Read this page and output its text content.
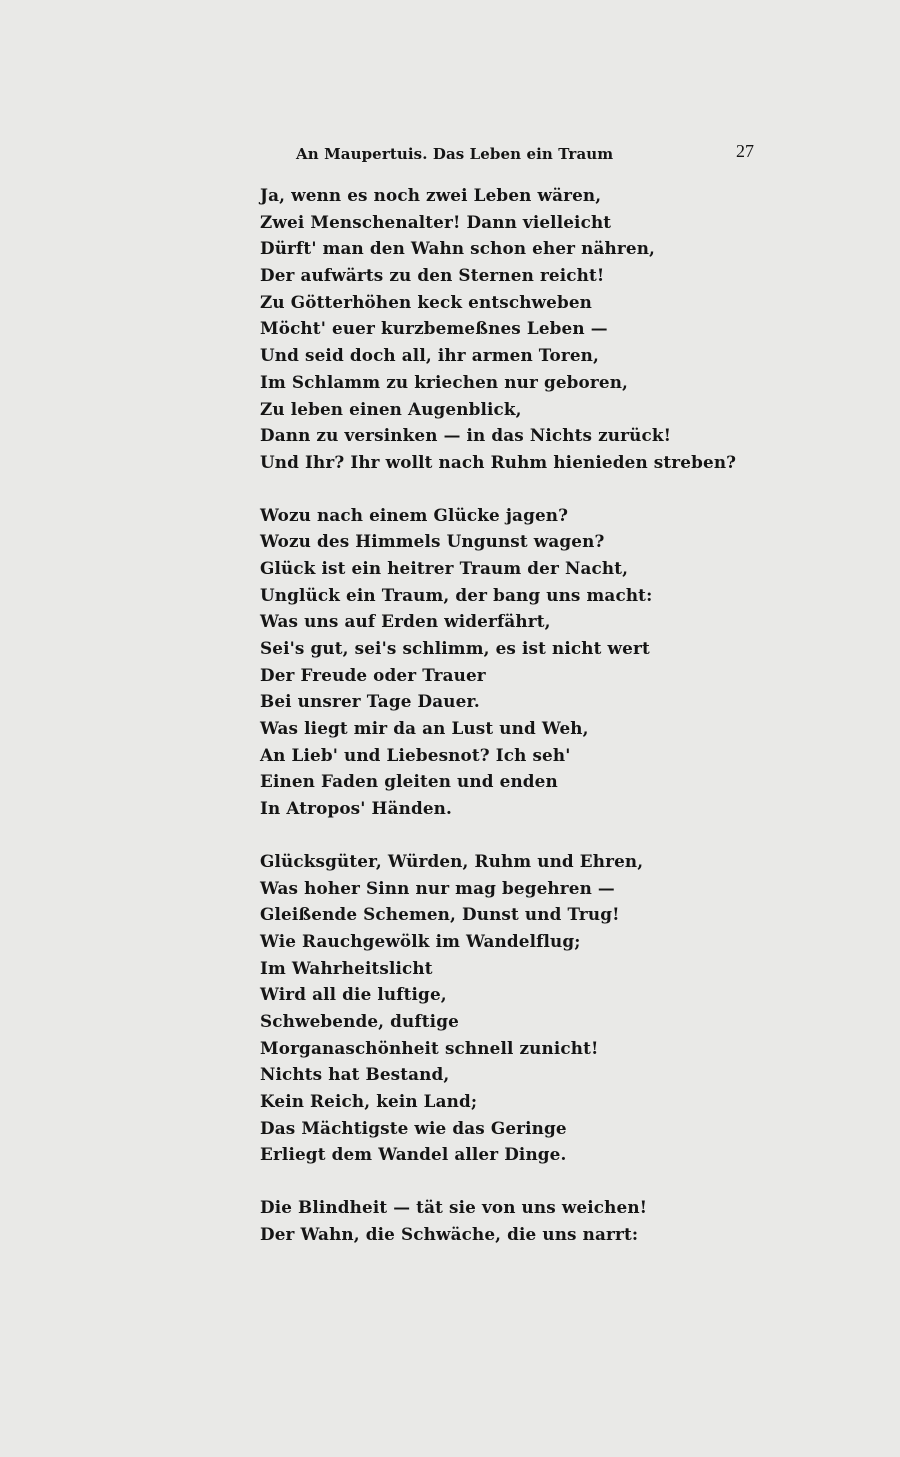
An Maupertuis. Das Leben ein Traum	27
Ja, wenn es noch zwei Leben wären,
Zwei Menschenalter! Dann vielleicht
Dürft' man den Wahn schon eher nähren,
Der aufwärts zu den Sternen reicht!
Zu Götterhöhen keck entschweben
Möcht' euer kurzbemeßnes Leben —
Und seid doch all, ihr armen Toren,
Im Schlamm zu kriechen nur geboren,
Zu leben einen Augenblick,
Dann zu versinken — in das Nichts zurück!
Und Ihr? Ihr wollt nach Ruhm hienieden streben?
Wozu nach einem Glücke jagen?
Wozu des Himmels Ungunst wagen?
Glück ist ein heitrer Traum der Nacht,
Unglück ein Traum, der bang uns macht:
Was uns auf Erden widerfährt,
Sei's gut, sei's schlimm, es ist nicht wert
Der Freude oder Trauer
Bei unsrer Tage Dauer.
Was liegt mir da an Lust und Weh,
An Lieb' und Liebesnot? Ich seh'
Einen Faden gleiten und enden
In Atropos' Händen.
Glücksgüter, Würden, Ruhm und Ehren,
Was hoher Sinn nur mag begehren —
Gleißende Schemen, Dunst und Trug!
Wie Rauchgewölk im Wandelflug;
Im Wahrheitslicht
Wird all die luftige,
Schwebende, duftige
Morganaschönheit schnell zunicht!
Nichts hat Bestand,
Kein Reich, kein Land;
Das Mächtigste wie das Geringe
Erliegt dem Wandel aller Dinge.
Die Blindheit — tät sie von uns weichen!
Der Wahn, die Schwäche, die uns narrt:
